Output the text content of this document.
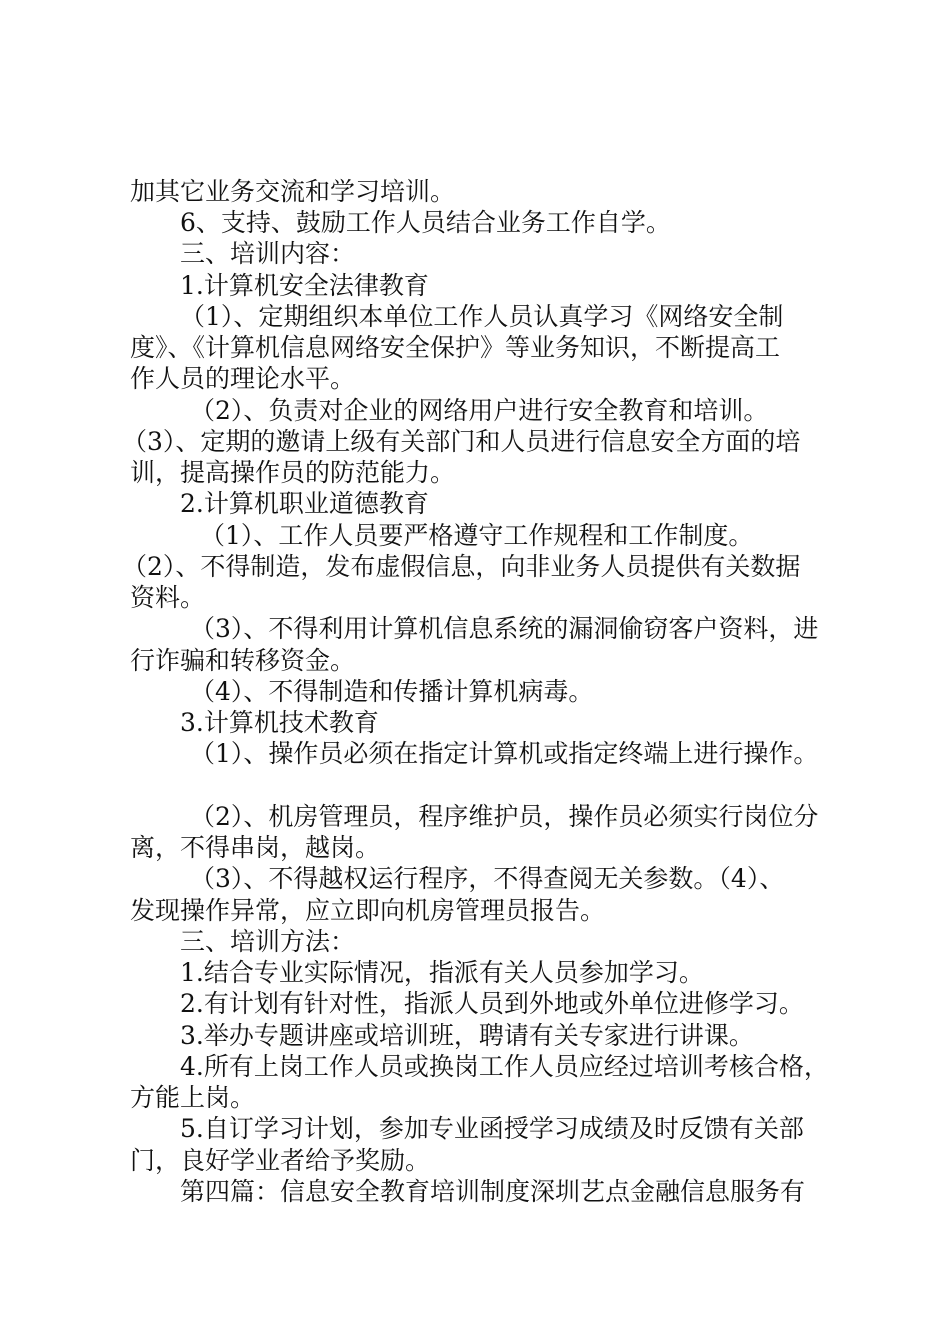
加其它业务交流和学习培训。
6、支持、鼓励工作人员结合业务工作自学。
三、培训内容：
1.计算机安全法律教育
（1）、定期组织本单位工作人员认真学习《网络安全制
度》、《计算机信息网络安全保护》等业务知识，不断提高工
作人员的理论水平。
（2）、负责对企业的网络用户进行安全教育和培训。
（3）、定期的邀请上级有关部门和人员进行信息安全方面的培
训，提高操作员的防范能力。
2.计算机职业道德教育
（1）、工作人员要严格遵守工作规程和工作制度。
（2）、不得制造，发布虚假信息，向非业务人员提供有关数据
资料。
（3）、不得利用计算机信息系统的漏洞偷窃客户资料，进
行诈骗和转移资金。
（4）、不得制造和传播计算机病毒。
3.计算机技术教育
（1）、操作员必须在指定计算机或指定终端上进行操作。
（2）、机房管理员，程序维护员，操作员必须实行岗位分
离，不得串岗，越岗。
（3）、不得越权运行程序，不得查阅无关参数。（4）、
发现操作异常，应立即向机房管理员报告。
三、培训方法：
1.结合专业实际情况，指派有关人员参加学习。
2.有计划有针对性，指派人员到外地或外单位进修学习。
3.举办专题讲座或培训班，聘请有关专家进行讲课。
4.所有上岗工作人员或换岗工作人员应经过培训考核合格，
方能上岗。
5.自订学习计划，参加专业函授学习成绩及时反馈有关部
门，良好学业者给予奖励。
第四篇：信息安全教育培训制度深圳艺点金融信息服务有
